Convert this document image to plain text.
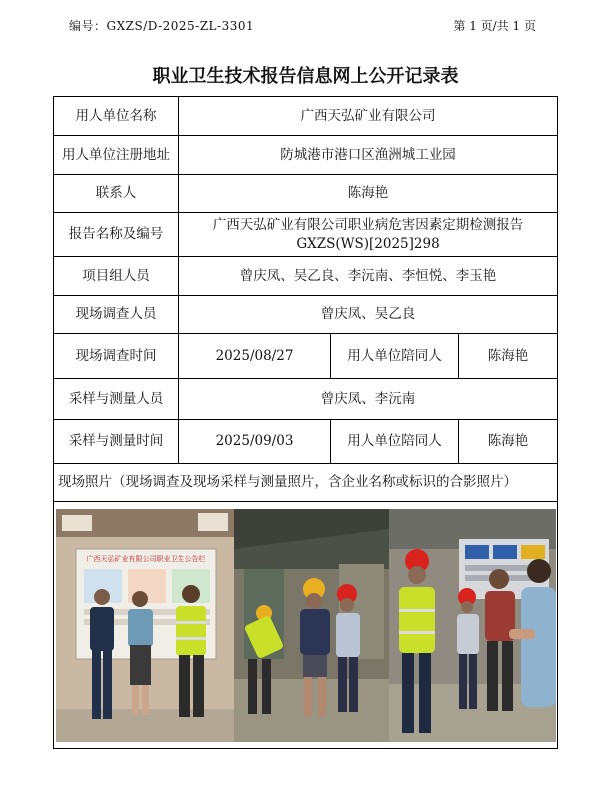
编号：GXZS/D-2025-ZL-3301	第 1 页/共 1 页
职业卫生技术报告信息网上公开记录表
用人单位名称	广西天弘矿业有限公司		
用人单位注册地址	防城港市港口区渔洲城工业园		
联系人	陈海艳		
报告名称及编号	广西天弘矿业有限公司职业病危害因素定期检测报告
GXZS(WS)[2025]298		

项目组人员	曾庆凤、吴乙良、李沅南、李恒悦、李玉艳		
现场调查人员	曾庆凤、吴乙良		
现场调查时间	2025/08/27	用人单位陪同人	陈海艳
采样与测量人员	曾庆凤、李沅南		
采样与测量时间	2025/09/03	用人单位陪同人	陈海艳
现场照片（现场调查及现场采样与测量照片，含企业名称或标识的合影照片）			

广西天弘矿业有限公司职业卫生公告栏			
